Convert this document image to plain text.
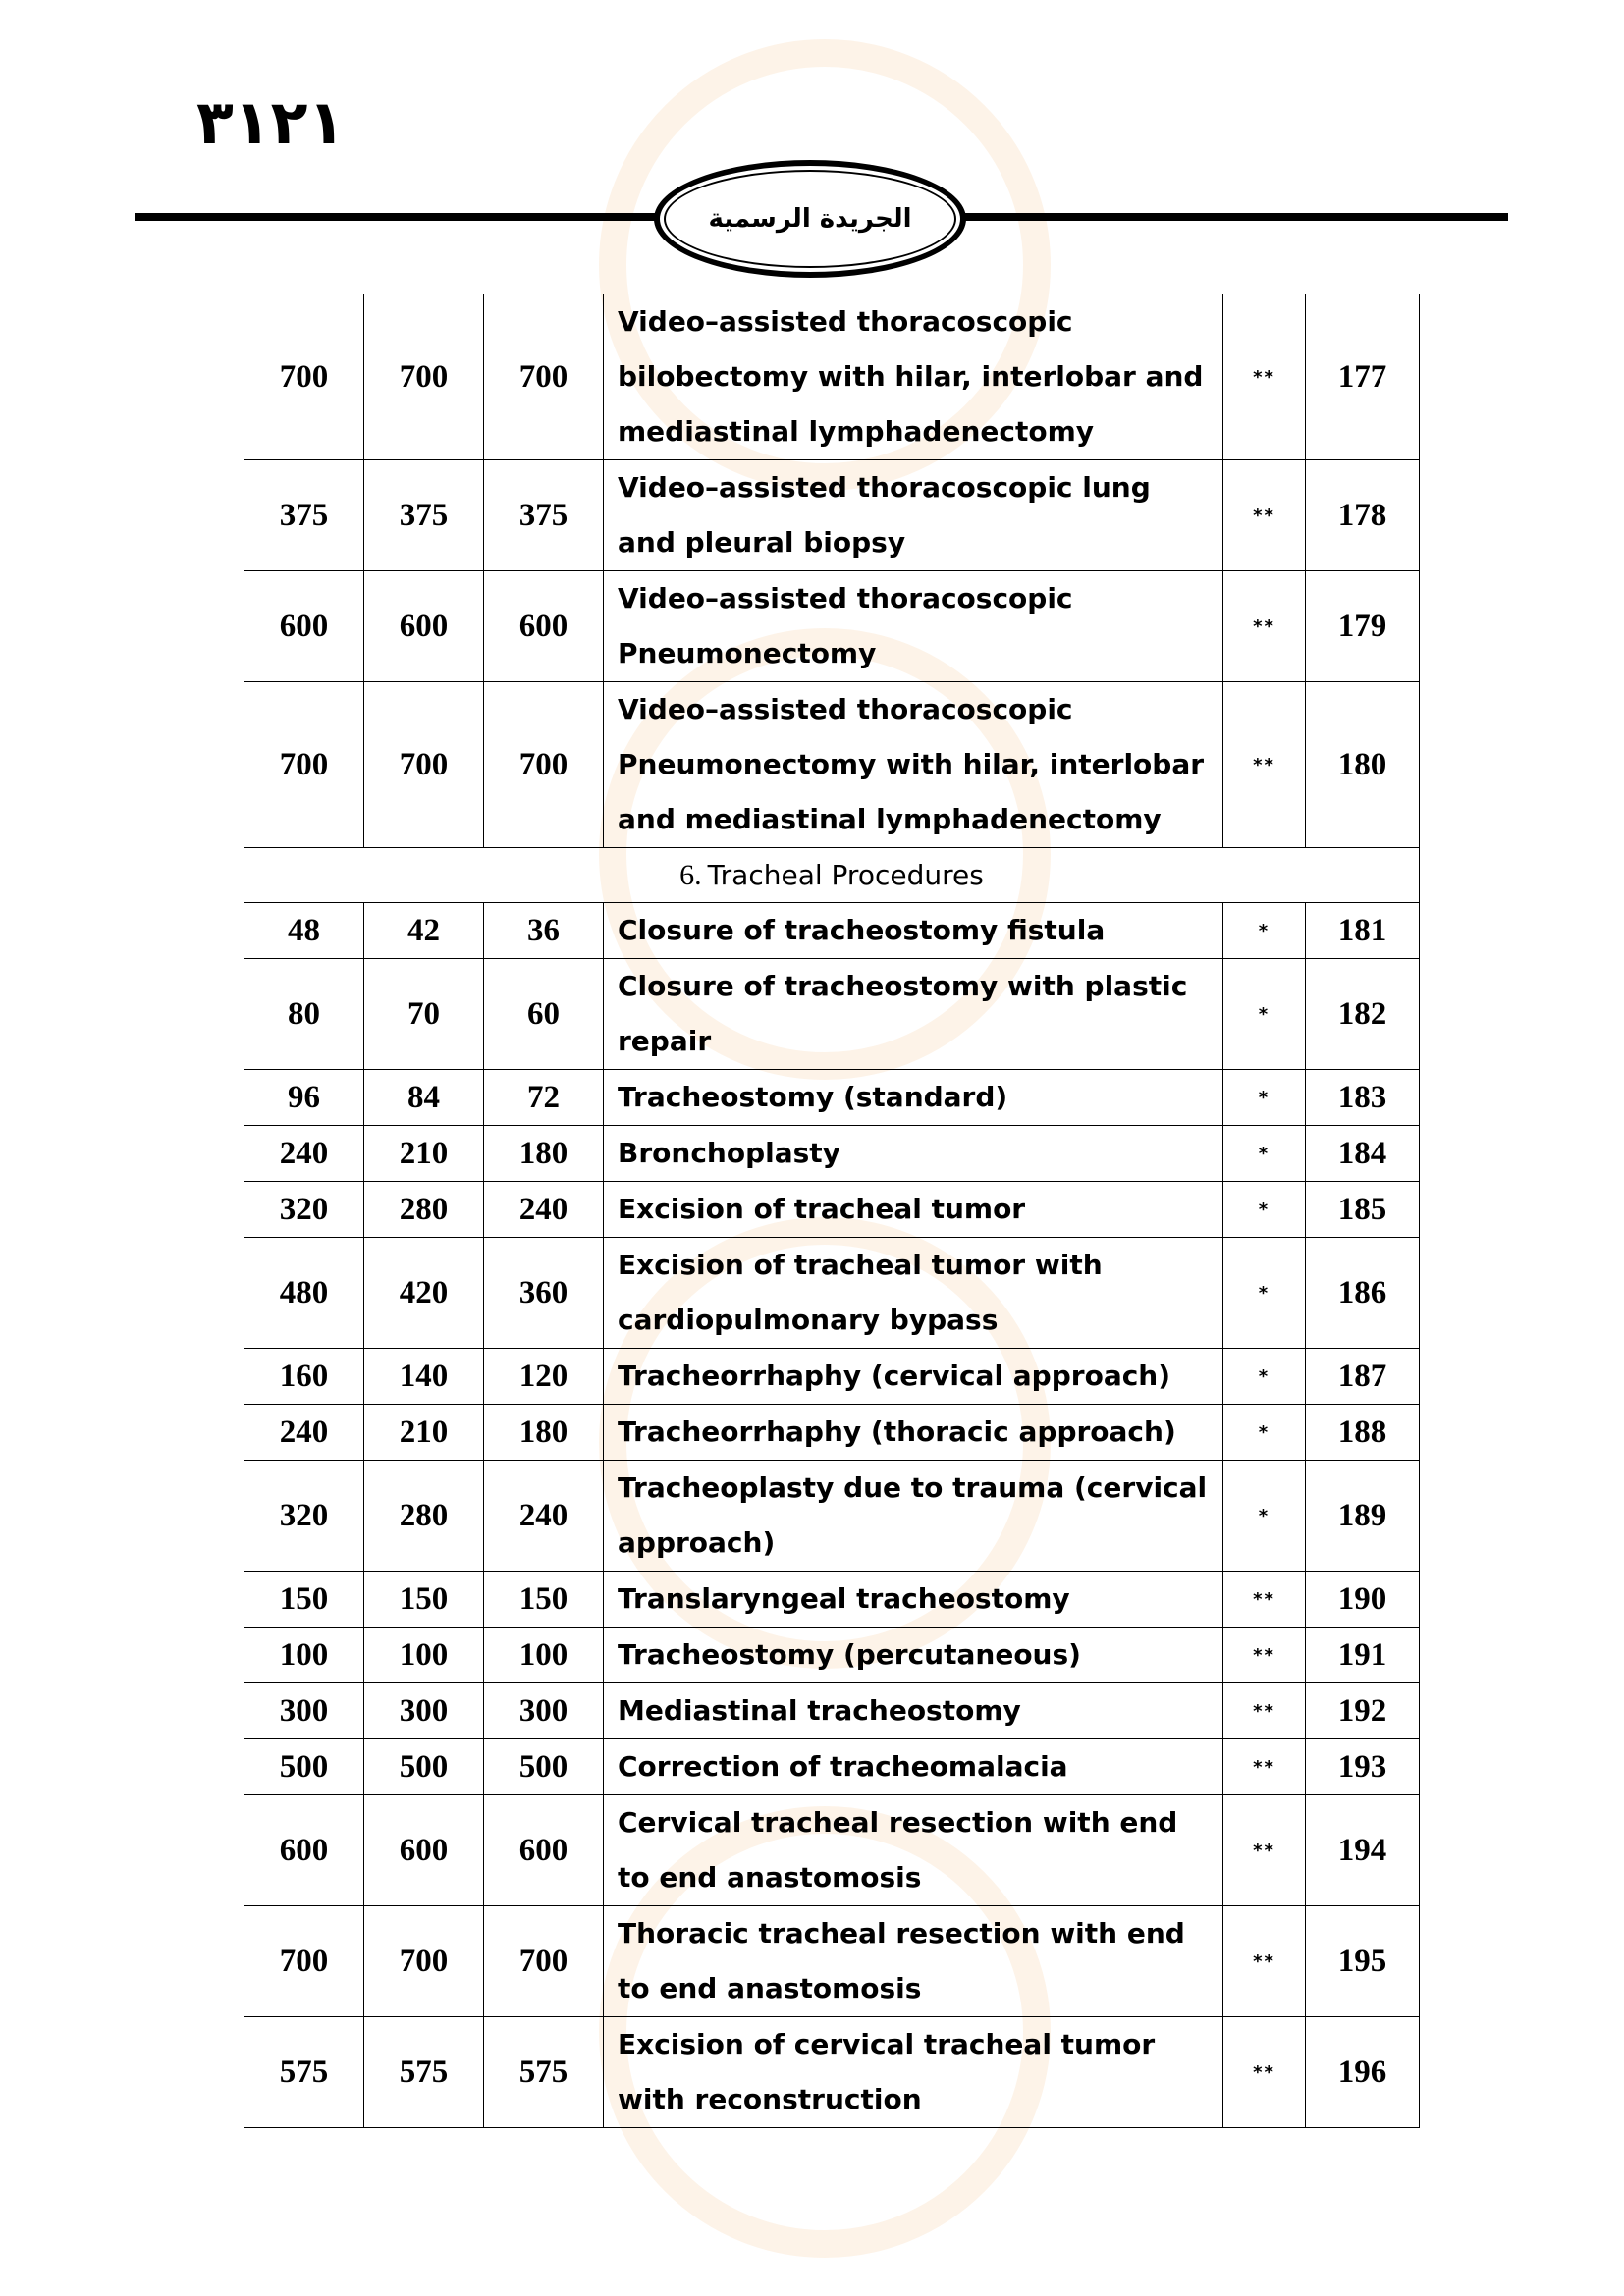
٣١٢١
الجريدة الرسمية
700	700	700	Video–assisted thoracoscopic bilobectomy with hilar, interlobar and mediastinal lymphadenectomy	**	177
375	375	375	Video–assisted thoracoscopic lung and pleural biopsy	**	178
600	600	600	Video–assisted thoracoscopic Pneumonectomy	**	179
700	700	700	Video–assisted thoracoscopic Pneumonectomy with hilar, interlobar and mediastinal lymphadenectomy	**	180
6. Tracheal Procedures					
48	42	36	Closure of tracheostomy fistula	*	181
80	70	60	Closure of tracheostomy with plastic repair	*	182
96	84	72	Tracheostomy (standard)	*	183
240	210	180	Bronchoplasty	*	184
320	280	240	Excision of tracheal tumor	*	185
480	420	360	Excision of tracheal tumor with cardiopulmonary bypass	*	186
160	140	120	Tracheorrhaphy (cervical approach)	*	187
240	210	180	Tracheorrhaphy (thoracic approach)	*	188
320	280	240	Tracheoplasty due to trauma (cervical approach)	*	189
150	150	150	Translaryngeal tracheostomy	**	190
100	100	100	Tracheostomy (percutaneous)	**	191
300	300	300	Mediastinal tracheostomy	**	192
500	500	500	Correction of tracheomalacia	**	193
600	600	600	Cervical tracheal resection with end to end anastomosis	**	194
700	700	700	Thoracic tracheal resection with end to end anastomosis	**	195
575	575	575	Excision of cervical tracheal tumor with reconstruction	**	196
